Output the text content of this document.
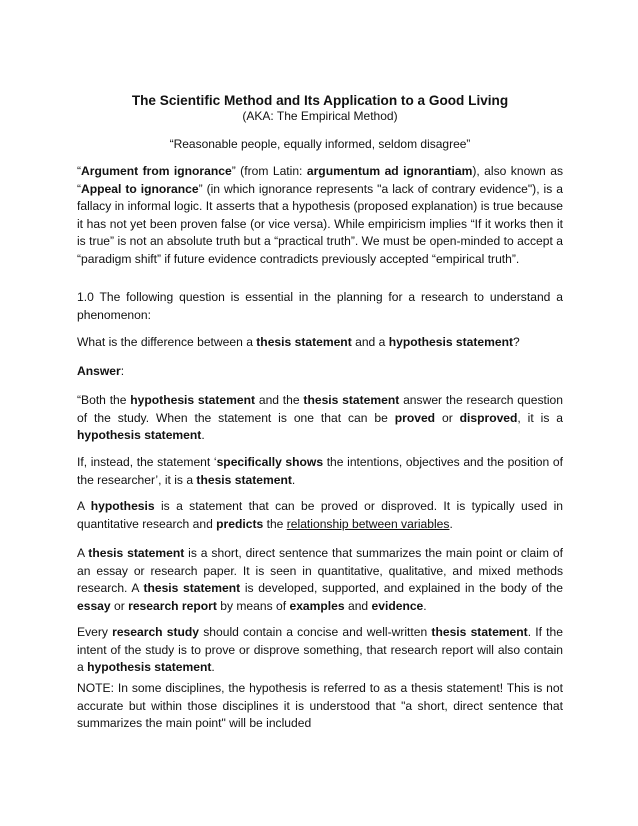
The Scientific Method and Its Application to a Good Living
(AKA: The Empirical Method)
“Reasonable people, equally informed, seldom disagree”

“Argument from ignorance” (from Latin: argumentum ad ignorantiam), also known as “Appeal to ignorance” (in which ignorance represents "a lack of contrary evidence"), is a fallacy in informal logic. It asserts that a hypothesis (proposed explanation) is true because it has not yet been proven false (or vice versa). While empiricism implies “If it works then it is true” is not an absolute truth but a “practical truth”. We must be open-minded to accept a “paradigm shift” if future evidence contradicts previously accepted “empirical truth”.

1.0 The following question is essential in the planning for a research to understand a phenomenon:

What is the difference between a thesis statement and a hypothesis statement?

Answer:

“Both the hypothesis statement and the thesis statement answer the research question of the study. When the statement is one that can be proved or disproved, it is a hypothesis statement.

If, instead, the statement ‘specifically shows the intentions, objectives and the position of the researcher’, it is a thesis statement.

A hypothesis is a statement that can be proved or disproved. It is typically used in quantitative research and predicts the relationship between variables.

A thesis statement is a short, direct sentence that summarizes the main point or claim of an essay or research paper. It is seen in quantitative, qualitative, and mixed methods research. A thesis statement is developed, supported, and explained in the body of the essay or research report by means of examples and evidence.

Every research study should contain a concise and well-written thesis statement. If the intent of the study is to prove or disprove something, that research report will also contain a hypothesis statement.

NOTE: In some disciplines, the hypothesis is referred to as a thesis statement! This is not accurate but within those disciplines it is understood that "a short, direct sentence that summarizes the main point" will be included
